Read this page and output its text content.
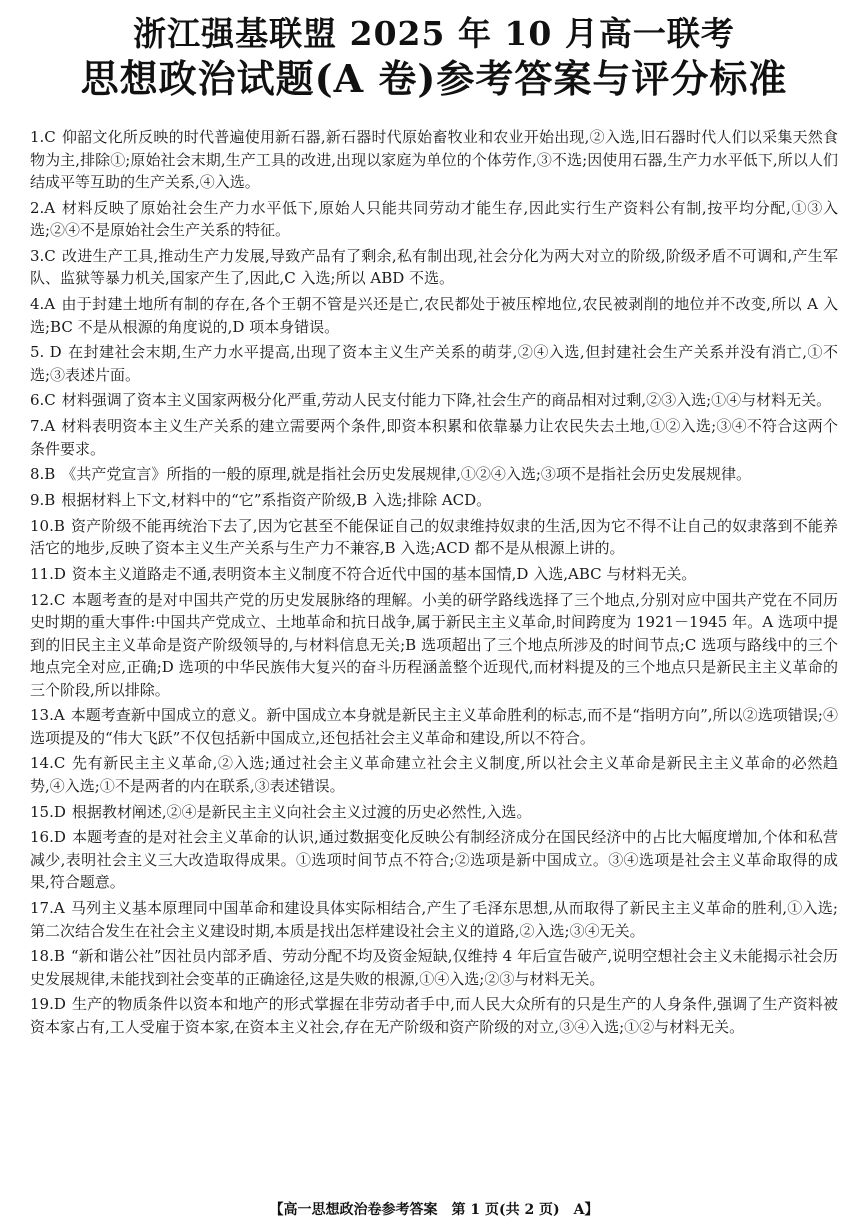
浙江强基联盟 2025 年 10 月高一联考
思想政治试题(A 卷)参考答案与评分标准
1.C 仰韶文化所反映的时代普遍使用新石器,新石器时代原始畜牧业和农业开始出现,②入选,旧石器时代人们以采集天然食物为主,排除①;原始社会末期,生产工具的改进,出现以家庭为单位的个体劳作,③不选;因使用石器,生产力水平低下,所以人们结成平等互助的生产关系,④入选。
2.A 材料反映了原始社会生产力水平低下,原始人只能共同劳动才能生存,因此实行生产资料公有制,按平均分配,①③入选;②④不是原始社会生产关系的特征。
3.C 改进生产工具,推动生产力发展,导致产品有了剩余,私有制出现,社会分化为两大对立的阶级,阶级矛盾不可调和,产生军队、监狱等暴力机关,国家产生了,因此,C 入选;所以 ABD 不选。
4.A 由于封建土地所有制的存在,各个王朝不管是兴还是亡,农民都处于被压榨地位,农民被剥削的地位并不改变,所以 A 入选;BC 不是从根源的角度说的,D 项本身错误。
5. D 在封建社会末期,生产力水平提高,出现了资本主义生产关系的萌芽,②④入选,但封建社会生产关系并没有消亡,①不选;③表述片面。
6.C 材料强调了资本主义国家两极分化严重,劳动人民支付能力下降,社会生产的商品相对过剩,②③入选;①④与材料无关。
7.A 材料表明资本主义生产关系的建立需要两个条件,即资本积累和依靠暴力让农民失去土地,①②入选;③④不符合这两个条件要求。
8.B 《共产党宣言》所指的一般的原理,就是指社会历史发展规律,①②④入选;③项不是指社会历史发展规律。
9.B 根据材料上下文,材料中的“它”系指资产阶级,B 入选;排除 ACD。
10.B 资产阶级不能再统治下去了,因为它甚至不能保证自己的奴隶维持奴隶的生活,因为它不得不让自己的奴隶落到不能养活它的地步,反映了资本主义生产关系与生产力不兼容,B 入选;ACD 都不是从根源上讲的。
11.D 资本主义道路走不通,表明资本主义制度不符合近代中国的基本国情,D 入选,ABC 与材料无关。
12.C 本题考查的是对中国共产党的历史发展脉络的理解。小美的研学路线选择了三个地点,分别对应中国共产党在不同历史时期的重大事件:中国共产党成立、土地革命和抗日战争,属于新民主主义革命,时间跨度为 1921－1945 年。A 选项中提到的旧民主主义革命是资产阶级领导的,与材料信息无关;B 选项超出了三个地点所涉及的时间节点;C 选项与路线中的三个地点完全对应,正确;D 选项的中华民族伟大复兴的奋斗历程涵盖整个近现代,而材料提及的三个地点只是新民主主义革命的三个阶段,所以排除。
13.A 本题考查新中国成立的意义。新中国成立本身就是新民主主义革命胜利的标志,而不是“指明方向”,所以②选项错误;④选项提及的“伟大飞跃”不仅包括新中国成立,还包括社会主义革命和建设,所以不符合。
14.C 先有新民主主义革命,②入选;通过社会主义革命建立社会主义制度,所以社会主义革命是新民主主义革命的必然趋势,④入选;①不是两者的内在联系,③表述错误。
15.D 根据教材阐述,②④是新民主主义向社会主义过渡的历史必然性,入选。
16.D 本题考查的是对社会主义革命的认识,通过数据变化反映公有制经济成分在国民经济中的占比大幅度增加,个体和私营减少,表明社会主义三大改造取得成果。①选项时间节点不符合;②选项是新中国成立。③④选项是社会主义革命取得的成果,符合题意。
17.A 马列主义基本原理同中国革命和建设具体实际相结合,产生了毛泽东思想,从而取得了新民主主义革命的胜利,①入选;第二次结合发生在社会主义建设时期,本质是找出怎样建设社会主义的道路,②入选;③④无关。
18.B “新和谐公社”因社员内部矛盾、劳动分配不均及资金短缺,仅维持 4 年后宣告破产,说明空想社会主义未能揭示社会历史发展规律,未能找到社会变革的正确途径,这是失败的根源,①④入选;②③与材料无关。
19.D 生产的物质条件以资本和地产的形式掌握在非劳动者手中,而人民大众所有的只是生产的人身条件,强调了生产资料被资本家占有,工人受雇于资本家,在资本主义社会,存在无产阶级和资产阶级的对立,③④入选;①②与材料无关。
【高一思想政治卷参考答案　第 1 页(共 2 页)　A】
